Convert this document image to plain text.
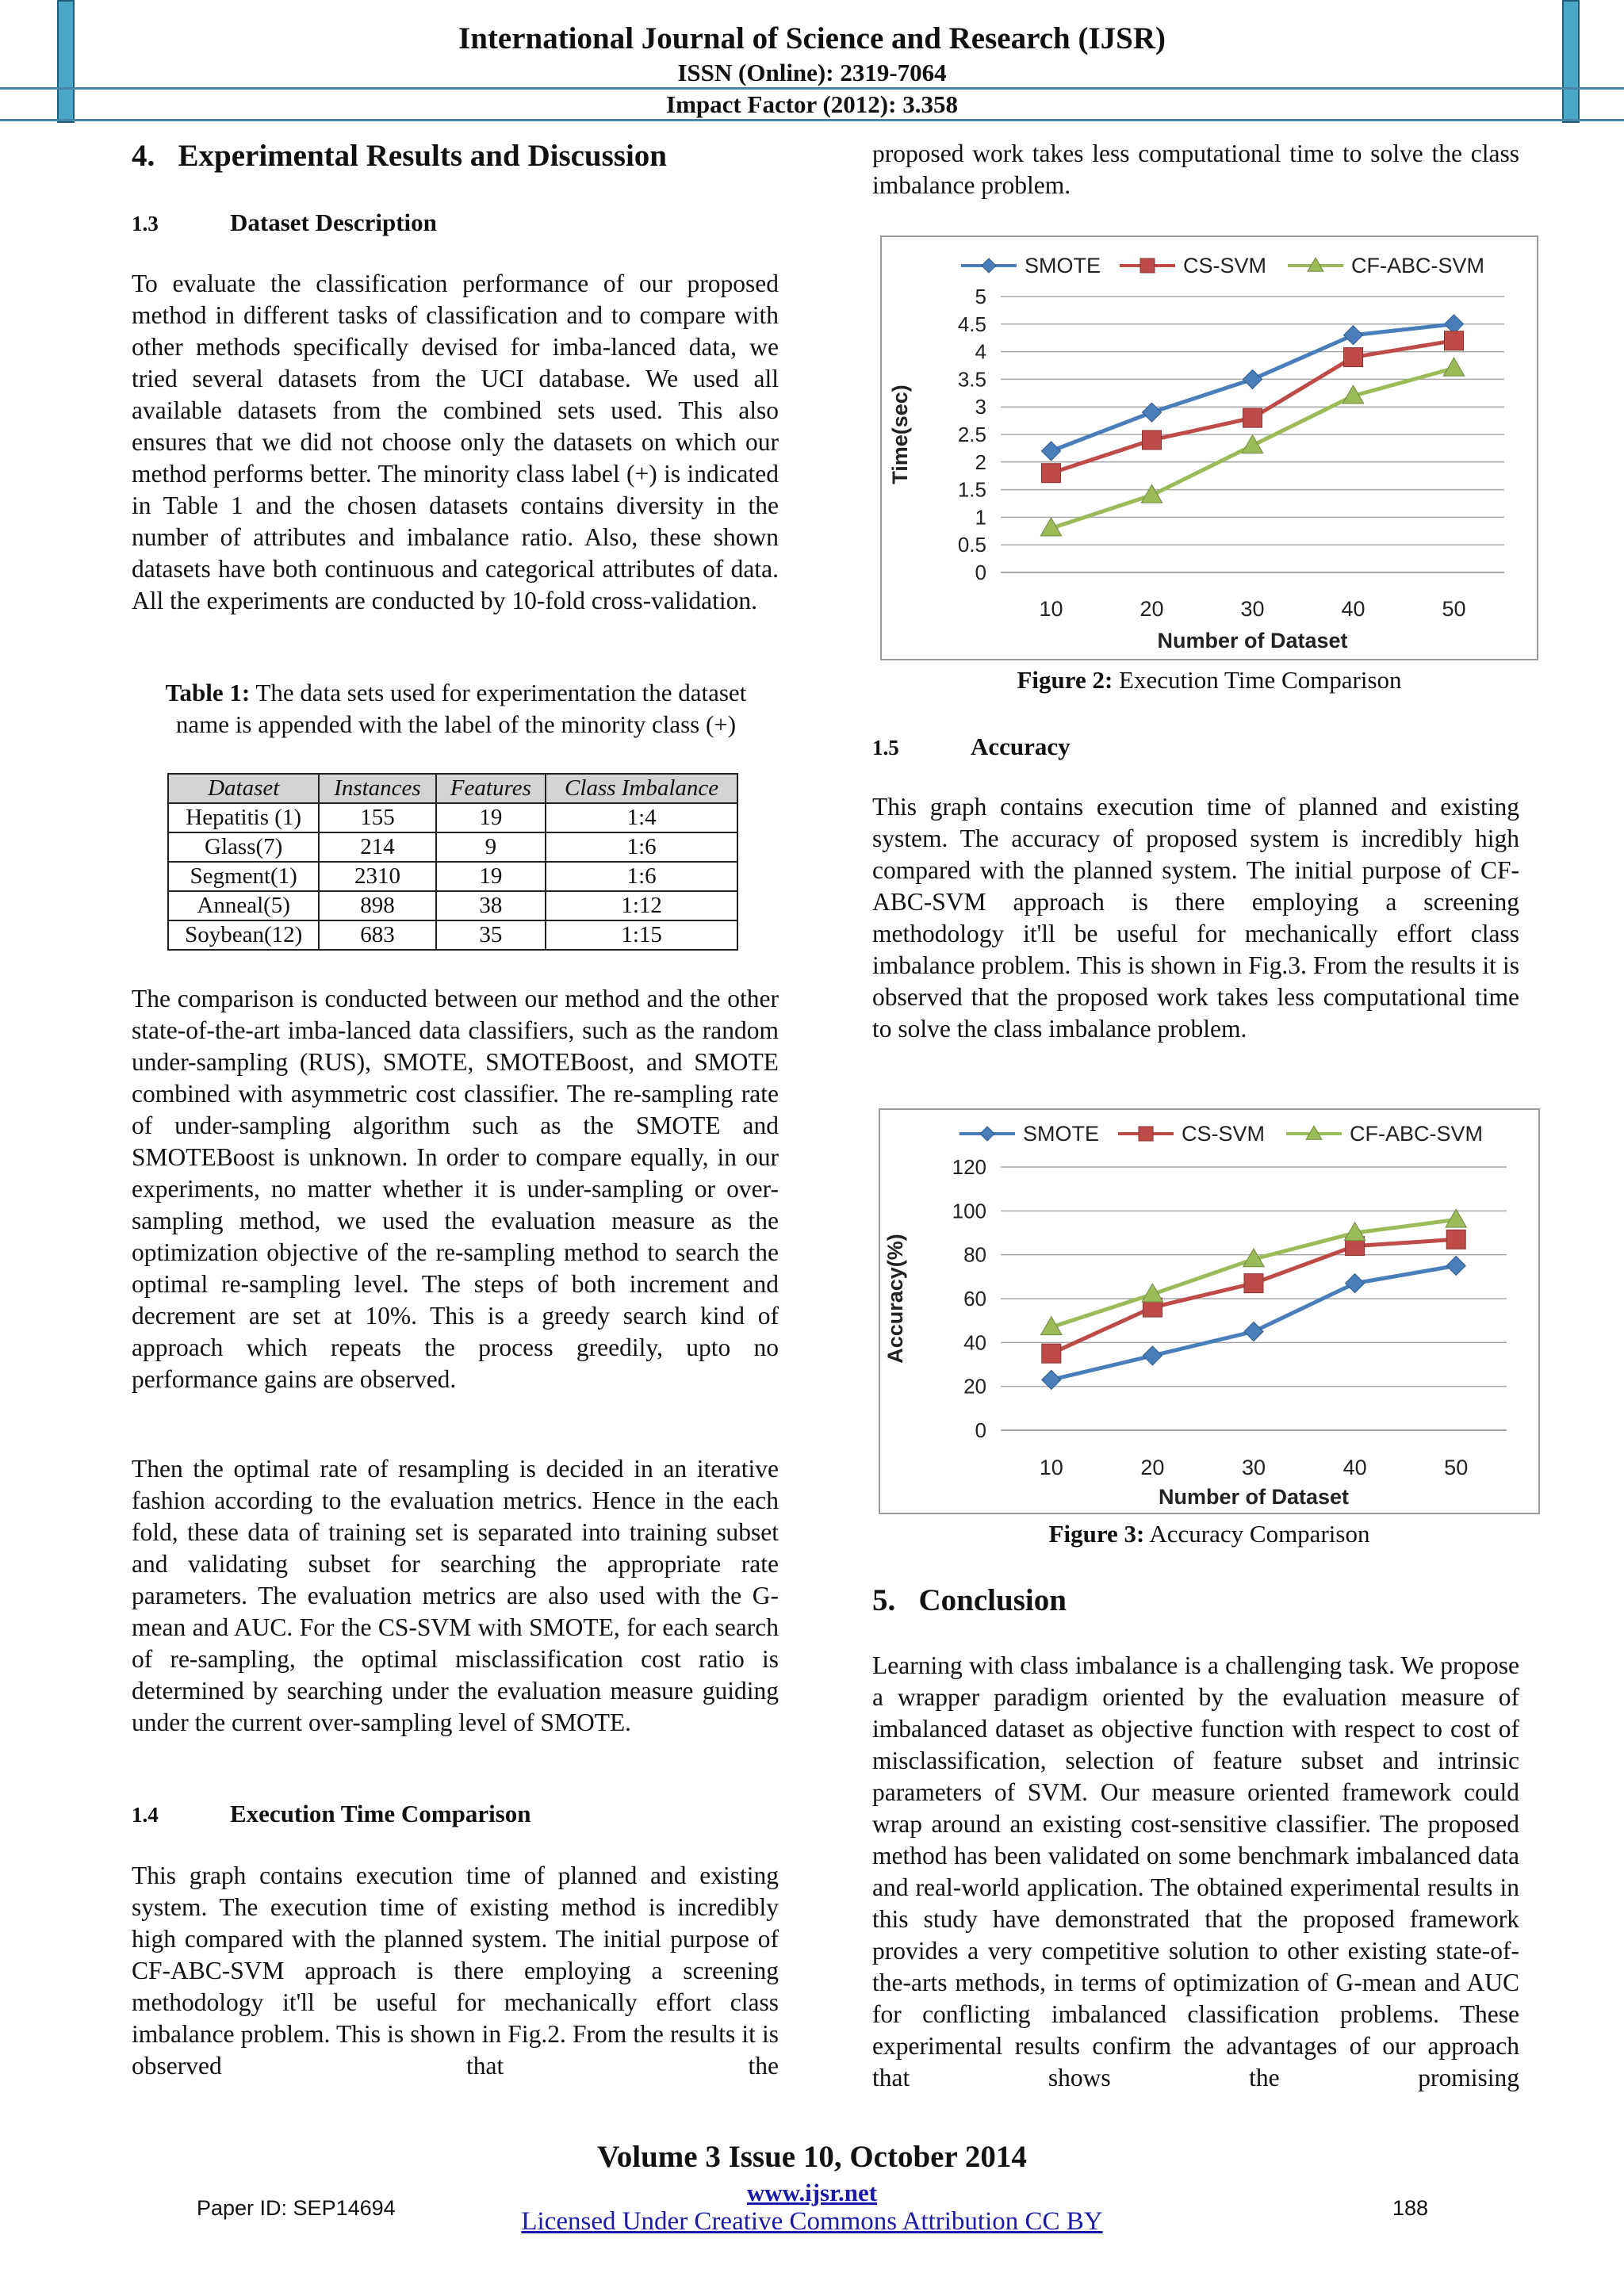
International Journal of Science and Research (IJSR)
ISSN (Online): 2319-7064
Impact Factor (2012): 3.358
4.   Experimental Results and Discussion
1.3	Dataset Description

To evaluate the classification performance of our proposed method in different tasks of classification and to compare with other methods specifically devised for imba-lanced data, we tried several datasets from the UCI database. We used all available datasets from the combined sets used. This also ensures that we did not choose only the datasets on which our method performs better. The minority class label (+) is indicated in Table 1 and the chosen datasets contains diversity in the number of attributes and imbalance ratio. Also, these shown datasets have both continuous and categorical attributes of data. All the experiments are conducted by 10-fold cross-validation.

Table 1: The data sets used for experimentation the dataset name is appended with the label of the minority class (+)
Dataset	Instances	Features	Class Imbalance
Hepatitis (1)	155	19	1:4
Glass(7)	214	9	1:6
Segment(1)	2310	19	1:6
Anneal(5)	898	38	1:12
Soybean(12)	683	35	1:15

The comparison is conducted between our method and the other state-of-the-art imba-lanced data classifiers, such as the random under-sampling (RUS), SMOTE, SMOTEBoost, and SMOTE combined with asymmetric cost classifier. The re-sampling rate of under-sampling algorithm such as the SMOTE and SMOTEBoost is unknown. In order to compare equally, in our experiments, no matter whether it is under-sampling or over-sampling method, we used the evaluation measure as the optimization objective of the re-sampling method to search the optimal re-sampling level. The steps of both increment and decrement are set at 10%. This is a greedy search kind of approach which repeats the process greedily, upto no performance gains are observed.

Then the optimal rate of resampling is decided in an iterative fashion according to the evaluation metrics. Hence in the each fold, these data of training set is separated into training subset and validating subset for searching the appropriate rate parameters. The evaluation metrics are also used with the G-mean and AUC. For the CS-SVM with SMOTE, for each search of re-sampling, the optimal misclassification cost ratio is determined by searching under the evaluation measure guiding under the current over-sampling level of SMOTE.

1.4	Execution Time Comparison

This graph contains execution time of planned and existing system. The execution time of existing method is incredibly high compared with the planned system. The initial purpose of CF-ABC-SVM approach is there employing a screening methodology it'll be useful for mechanically effort class imbalance problem. This is shown in Fig.2. From the results it is observed that the

proposed work takes less computational time to solve the class imbalance problem.

0
0.5
1
1.5
2
2.5
3
3.5
4
4.5
5
10	20	30	40	50
Number of Dataset
Time(sec)
SMOTE	CS-SVM	CF-ABC-SVM
Figure 2: Execution Time Comparison
1.5	Accuracy

This graph contains execution time of planned and existing system. The accuracy of proposed system is incredibly high compared with the planned system. The initial purpose of CF-ABC-SVM approach is there employing a screening methodology it'll be useful for mechanically effort class imbalance problem. This is shown in Fig.3. From the results it is observed that the proposed work takes less computational time to solve the class imbalance problem.

0
20
40
60
80
100
120
10	20	30	40	50
Number of Dataset
Accuracy(%)
SMOTE	CS-SVM	CF-ABC-SVM
Figure 3: Accuracy Comparison
5.   Conclusion

Learning with class imbalance is a challenging task. We propose a wrapper paradigm oriented by the evaluation measure of imbalanced dataset as objective function with respect to cost of misclassification, selection of feature subset and intrinsic parameters of SVM. Our measure oriented framework could wrap around an existing cost-sensitive classifier. The proposed method has been validated on some benchmark imbalanced data and real-world application. The obtained experimental results in this study have demonstrated that the proposed framework provides a very competitive solution to other existing state-of-the-arts methods, in terms of optimization of G-mean and AUC for conflicting imbalanced classification problems. These experimental results confirm the advantages of our approach that shows the promising

Volume 3 Issue 10, October 2014
www.ijsr.net
Licensed Under Creative Commons Attribution CC BY
Paper ID: SEP14694	188
